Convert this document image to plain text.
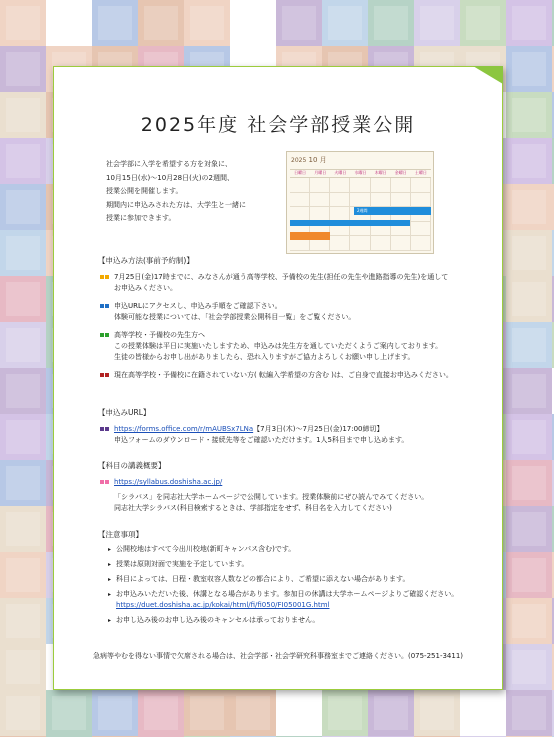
2025年度 社会学部授業公開
社会学部に入学を希望する方を対象に、
10月15日(水)～10月28日(火)の2週間、
授業公開を開催します。
期間内に申込みされた方は、大学生と一緒に
授業に参加できます。
2025 10 月
日曜日	月曜日	火曜日	水曜日	木曜日	金曜日	土曜日
2週間
【申込み方法(事前予約制)】
7月25日(金)17時までに、みなさんが通う高等学校、予備校の先生(担任の先生や進路指導の先生)を通して
お申込みください。
申込URLにアクセスし、申込み手順をご確認下さい。
体験可能な授業については、「社会学部授業公開科目一覧」をご覧ください。
高等学校・予備校の先生方へ
この授業体験は平日に実施いたしますため、申込みは先生方を通していただくようご案内しております。
生徒の皆様からお申し出がありましたら、恐れ入りますがご協力よろしくお願い申し上げます。
現在高等学校・予備校に在籍されていない方( 転編入学希望の方含む )は、ご自身で直接お申込みください。
【申込みURL】
https://forms.office.com/r/mAUBSx7LNa【7月3日(木)～7月25日(金)17:00締切】
申込フォームのダウンロード・接続先等をご確認いただけます。1人5科目まで申し込めます。
【科目の講義概要】
https://syllabus.doshisha.ac.jp/
「シラバス」を同志社大学ホームページで公開しています。授業体験前にぜひ読んでみてください。
同志社大学シラバス(科目検索するときは、学部指定をせず、科目名を入力してください)
【注意事項】
▸ 公開校地はすべて今出川校地(新町キャンパス含む)です。
▸ 授業は原則対面で実施を予定しています。
▸ 科目によっては、日程・教室収容人数などの都合により、ご希望に添えない場合があります。
▸ お申込みいただいた後、休講となる場合があります。参加日の休講は大学ホームページよりご確認ください。
https://duet.doshisha.ac.jp/kokai/html/fi/fi050/FI05001G.html
▸ お申し込み後のお申し込み後のキャンセルは承っておりません。
急病等やむを得ない事情で欠席される場合は、社会学部・社会学研究科事務室までご連絡ください。(075-251-3411)
